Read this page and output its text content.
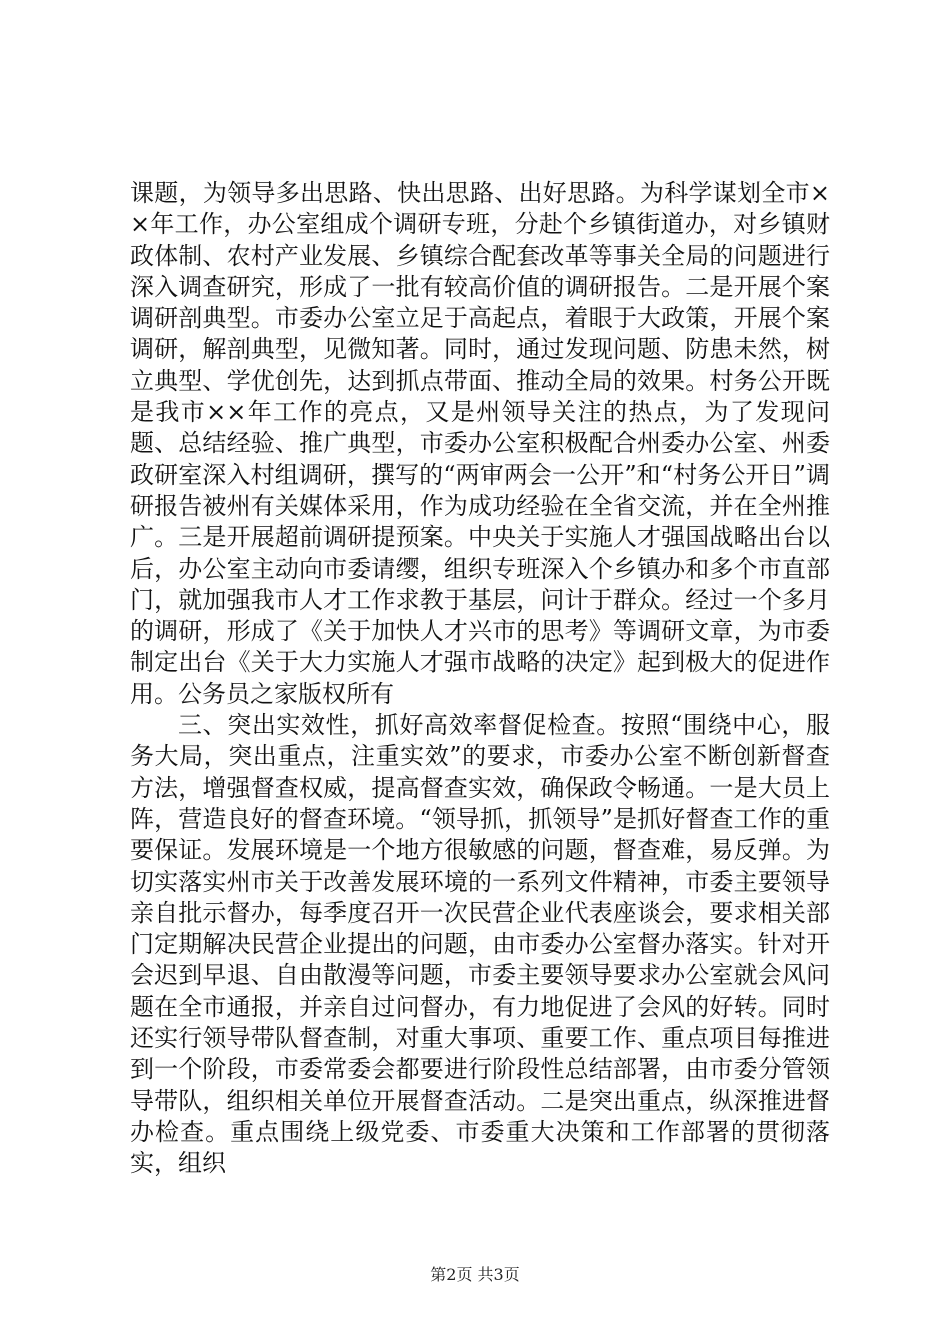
课题，为领导多出思路、快出思路、出好思路。为科学谋划全市××年工作，办公室组成个调研专班，分赴个乡镇街道办，对乡镇财政体制、农村产业发展、乡镇综合配套改革等事关全局的问题进行深入调查研究，形成了一批有较高价值的调研报告。二是开展个案调研剖典型。市委办公室立足于高起点，着眼于大政策，开展个案调研，解剖典型，见微知著。同时，通过发现问题、防患未然，树立典型、学优创先，达到抓点带面、推动全局的效果。村务公开既是我市××年工作的亮点，又是州领导关注的热点，为了发现问题、总结经验、推广典型，市委办公室积极配合州委办公室、州委政研室深入村组调研，撰写的“两审两会一公开”和“村务公开日”调研报告被州有关媒体采用，作为成功经验在全省交流，并在全州推广。三是开展超前调研提预案。中央关于实施人才强国战略出台以后，办公室主动向市委请缨，组织专班深入个乡镇办和多个市直部门，就加强我市人才工作求教于基层，问计于群众。经过一个多月的调研，形成了《关于加快人才兴市的思考》等调研文章，为市委制定出台《关于大力实施人才强市战略的决定》起到极大的促进作用。公务员之家版权所有

三、突出实效性，抓好高效率督促检查。按照“围绕中心，服务大局，突出重点，注重实效”的要求，市委办公室不断创新督查方法，增强督查权威，提高督查实效，确保政令畅通。一是大员上阵，营造良好的督查环境。“领导抓，抓领导”是抓好督查工作的重要保证。发展环境是一个地方很敏感的问题，督查难，易反弹。为切实落实州市关于改善发展环境的一系列文件精神，市委主要领导亲自批示督办，每季度召开一次民营企业代表座谈会，要求相关部门定期解决民营企业提出的问题，由市委办公室督办落实。针对开会迟到早退、自由散漫等问题，市委主要领导要求办公室就会风问题在全市通报，并亲自过问督办，有力地促进了会风的好转。同时还实行领导带队督查制，对重大事项、重要工作、重点项目每推进到一个阶段，市委常委会都要进行阶段性总结部署，由市委分管领导带队，组织相关单位开展督查活动。二是突出重点，纵深推进督办检查。重点围绕上级党委、市委重大决策和工作部署的贯彻落实，组织

第2页 共3页
